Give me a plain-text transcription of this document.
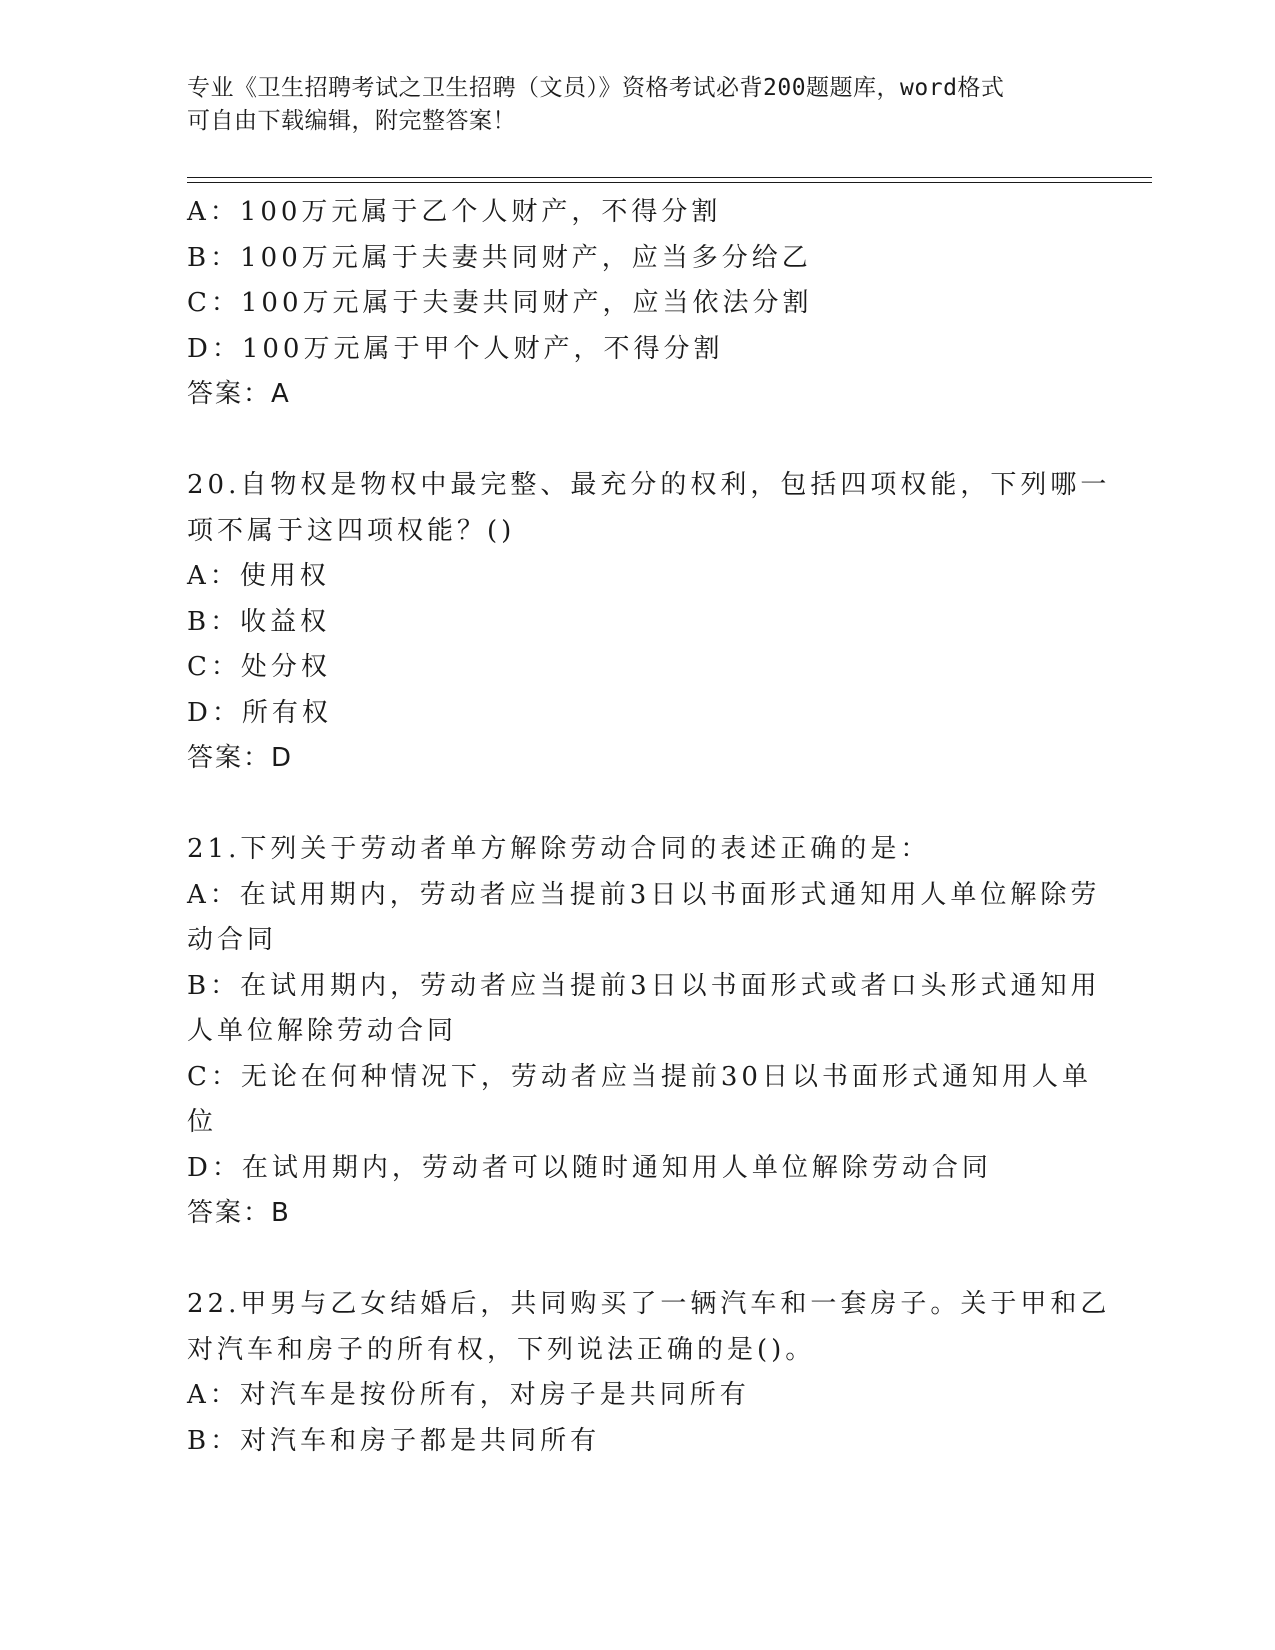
专业《卫生招聘考试之卫生招聘（文员）》资格考试必背200题题库，word格式
可自由下载编辑，附完整答案！
A：100万元属于乙个人财产，不得分割
B：100万元属于夫妻共同财产，应当多分给乙
C：100万元属于夫妻共同财产，应当依法分割
D：100万元属于甲个人财产，不得分割
答案：A
20.自物权是物权中最完整、最充分的权利，包括四项权能，下列哪一
项不属于这四项权能？()
A：使用权
B：收益权
C：处分权
D：所有权
答案：D
21.下列关于劳动者单方解除劳动合同的表述正确的是：
A：在试用期内，劳动者应当提前3日以书面形式通知用人单位解除劳
动合同
B：在试用期内，劳动者应当提前3日以书面形式或者口头形式通知用
人单位解除劳动合同
C：无论在何种情况下，劳动者应当提前30日以书面形式通知用人单
位
D：在试用期内，劳动者可以随时通知用人单位解除劳动合同
答案：B
22.甲男与乙女结婚后，共同购买了一辆汽车和一套房子。关于甲和乙
对汽车和房子的所有权，下列说法正确的是()。
A：对汽车是按份所有，对房子是共同所有
B：对汽车和房子都是共同所有
